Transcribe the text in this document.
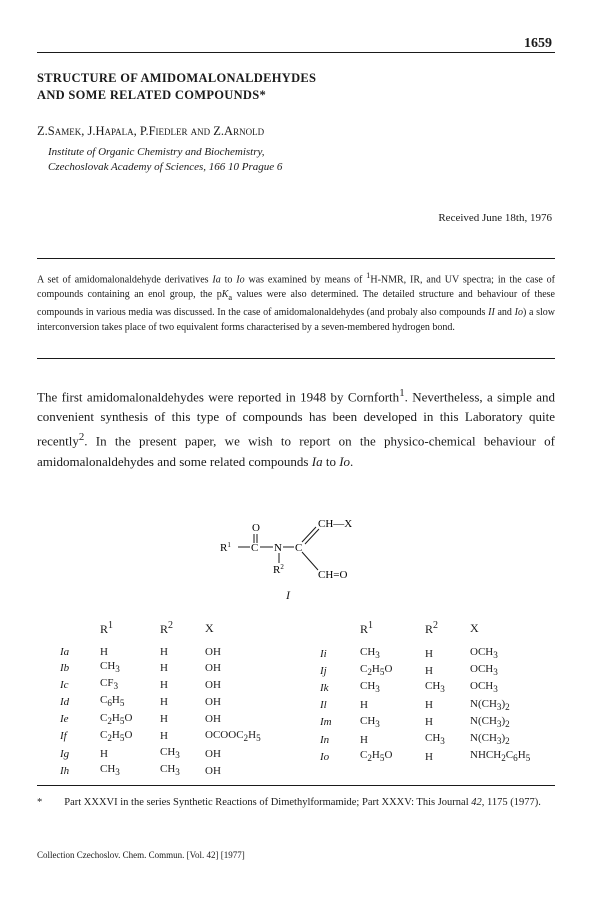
1659
STRUCTURE OF AMIDOMALONALDEHYDES
AND SOME RELATED COMPOUNDS*
Z.Samek, J.Hapala, P.Fiedler and Z.Arnold
Institute of Organic Chemistry and Biochemistry,
Czechoslovak Academy of Sciences, 166 10 Prague 6
Received June 18th, 1976
A set of amidomalonaldehyde derivatives Ia to Io was examined by means of $^1$H-NMR, IR, and UV spectra; in the case of compounds containing an enol group, the $pK_a$ values were also determined. The detailed structure and behaviour of these compounds in various media was discussed. In the case of amidomalonaldehydes (and probaly also compounds II and Io) a slow interconversion takes place of two equivalent forms characterised by a seven-membered hydrogen bond.
The first amidomalonaldehydes were reported in 1948 by Cornforth$^1$. Nevertheless, a simple and convenient synthesis of this type of compounds has been developed in this Laboratory quite recently$^2$. In the present paper, we wish to report on the physico-chemical behaviour of amidomalonaldehydes and some related compounds Ia to Io.
O
$R^1$ C N C
$R^2$
CH—X
CH=O
I
	$R^1$	$R^2$	X
Ia	H	H	OH
Ib	$CH_3$	H	OH
Ic	$CF_3$	H	OH
Id	$C_6H_5$	H	OH
Ie	$C_2H_5O$	H	OH
If	$C_2H_5O$	H	$OCOOC_2H_5$
Ig	H	$CH_3$	OH
Ih	$CH_3$	$CH_3$	OH
	$R^1$	$R^2$	X
Ii	$CH_3$	H	$OCH_3$
Ij	$C_2H_5O$	H	$OCH_3$
Ik	$CH_3$	$CH_3$	$OCH_3$
Il	H	H	$N(CH_3)_2$
Im	$CH_3$	H	$N(CH_3)_2$
In	H	$CH_3$	$N(CH_3)_2$
Io	$C_2H_5O$	H	$NHCH_2C_6H_5$
* Part XXXVI in the series Synthetic Reactions of Dimethylformamide; Part XXXV: This Journal 42, 1175 (1977).
Collection Czechoslov. Chem. Commun. [Vol. 42] [1977]
